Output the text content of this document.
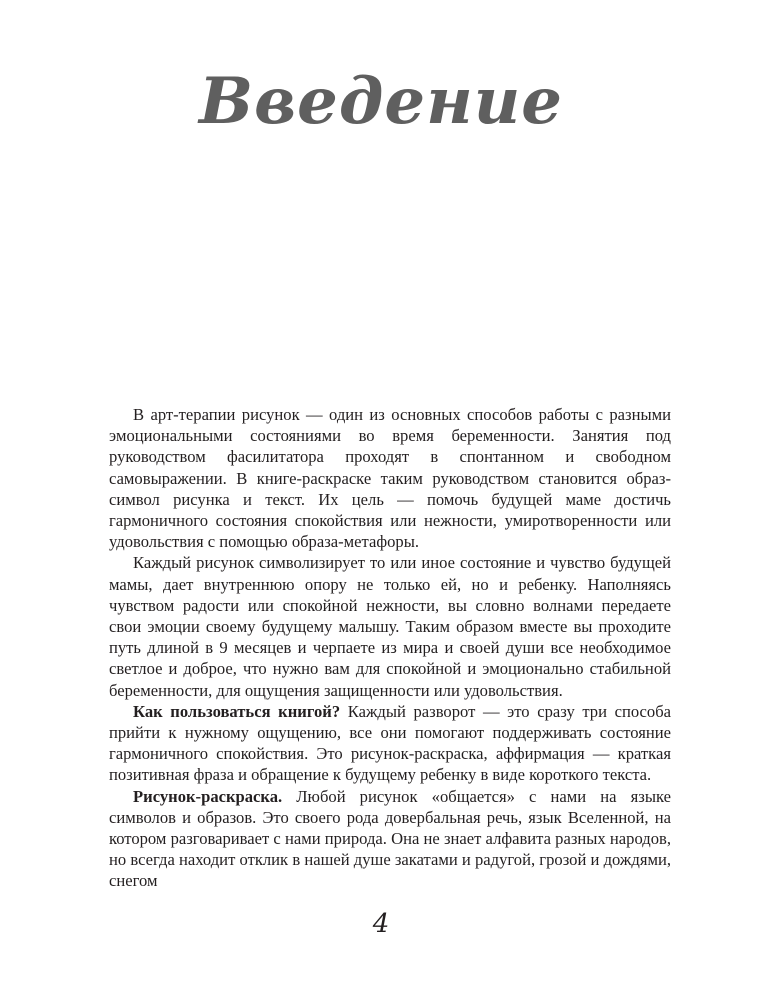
Введение

В арт-терапии рисунок — один из основных способов работы с разными эмоциональными состояниями во время беременности. Занятия под руководством фасилитатора проходят в спонтанном и свободном самовыражении. В книге-раскраске таким руководством становится образ-символ рисунка и текст. Их цель — помочь будущей маме достичь гармоничного состояния спокойствия или нежности, умиротворенности или удовольствия с помощью образа-метафоры.

Каждый рисунок символизирует то или иное состояние и чувство будущей мамы, дает внутреннюю опору не только ей, но и ребенку. Наполняясь чувством радости или спокойной нежности, вы словно волнами передаете свои эмоции своему будущему малышу. Таким образом вместе вы проходите путь длиной в 9 месяцев и черпаете из мира и своей души все необходимое светлое и доброе, что нужно вам для спокойной и эмоционально стабильной беременности, для ощущения защищенности или удовольствия.

Как пользоваться книгой? Каждый разворот — это сразу три способа прийти к нужному ощущению, все они помогают поддерживать состояние гармоничного спокойствия. Это рисунок-раскраска, аффирмация — краткая позитивная фраза и обращение к будущему ребенку в виде короткого текста.

Рисунок-раскраска. Любой рисунок «общается» с нами на языке символов и образов. Это своего рода довербальная речь, язык Вселенной, на котором разговаривает с нами природа. Она не знает алфавита разных народов, но всегда находит отклик в нашей душе закатами и радугой, грозой и дождями, снегом

4
